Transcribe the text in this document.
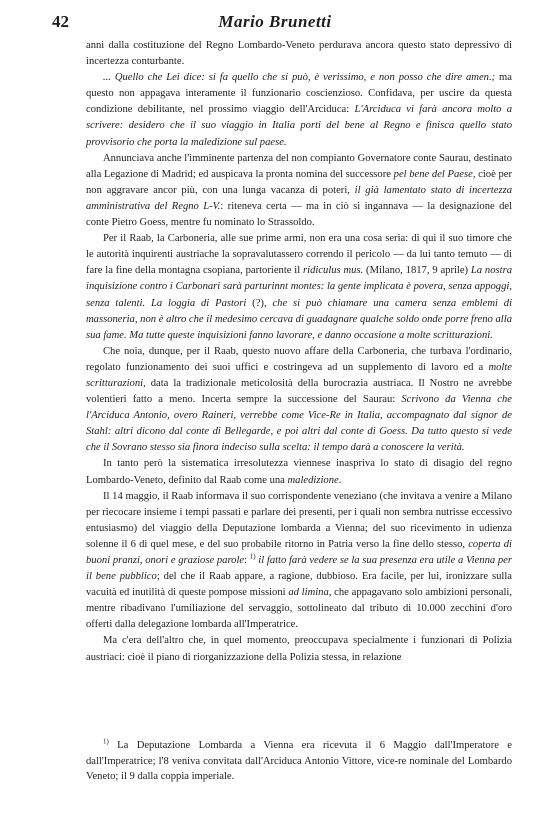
42	Mario Brunetti

anni dalla costituzione del Regno Lombardo-Veneto perdurava ancora questo stato depressivo di incertezza conturbante.

... Quello che Lei dice: si fa quello che si può, è verissimo, e non posso che dire amen.; ma questo non appagava interamente il funzionario coscienzioso. Confidava, per uscire da questa condizione debilitante, nel prossimo viaggio dell'Arciduca: L'Arciduca vi farà ancora molto a scrivere: desidero che il suo viaggio in Italia porti del bene al Regno e finisca quello stato provvisorio che porta la maledizione sul paese.

Annunciava anche l'imminente partenza del non compianto Governatore conte Saurau, destinato alla Legazione di Madrid; ed auspicava la pronta nomina del successore pel bene del Paese, cioè per non aggravare ancor più, con una lunga vacanza di poteri, il già lamentato stato di incertezza amministrativa del Regno L-V.: riteneva certa — ma in ciò si ingannava — la designazione del conte Pietro Goess, mentre fu nominato lo Strassoldo.

Per il Raab, la Carboneria, alle sue prime armi, non era una cosa seria: di qui il suo timore che le autorità inquirenti austriache la sopravalutassero correndo il pericolo — da lui tanto temuto — di fare la fine della montagna csopiana, partoriente il ridiculus mus. (Milano, 1817, 9 aprile) La nostra inquisizione contro i Carbonari sarà parturinnt montes: la gente implicata è povera, senza appoggi, senza talenti. La loggia di Pastori (?), che si può chiamare una camera senza emblemi di massoneria, non è altro che il medesimo cercava di guadagnare qualche soldo onde porre freno alla sua fame. Ma tutte queste inquisizioni fanno lavorare, e danno occasione a molte scritturazioni.

Che noia, dunque, per il Raab, questo nuovo affare della Carboneria, che turbava l'ordinario, regolato funzionamento dei suoi uffici e costringeva ad un supplemento di lavoro ed a molte scritturazioni, data la tradizionale meticolosità della burocrazia austriaca. Il Nostro ne avrebbe volentieri fatto a meno. Incerta sempre la successione del Saurau: Scrivono da Vienna che l'Arciduca Antonio, overo Raineri, verrebbe come Vice-Re in Italia, accompagnato dal signor de Stahl: altri dicono dal conte di Bellegarde, e poi altri dal conte di Goess. Da tutto questo si vede che il Sovrano stesso sia finora indeciso sulla scelta: il tempo darà a conoscere la verità.

In tanto però la sistematica irresolutezza viennese inaspriva lo stato di disagio del regno Lombardo-Veneto, definito dal Raab come una maledizione.

Il 14 maggio, il Raab informava il suo corrispondente veneziano (che invitava a venire a Milano per riecocare insieme i tempi passati e parlare dei presenti, per i quali non sembra nutrisse eccessivo entusiasmo) del viaggio della Deputazione lombarda a Vienna; del suo ricevimento in udienza solenne il 6 di quel mese, e del suo probabile ritorno in Patria verso la fine dello stesso, coperta di buoni pranzi, onori e graziose parole: $^{1)}$ il fatto farà vedere se la sua presenza era utile a Vienna per il bene pubblico; del che il Raab appare, a ragione, dubbioso. Era facile, per lui, ironizzare sulla vacuità ed inutilità di queste pompose missioni ad limina, che appagavano solo ambizioni personali, mentre ribadivano l'umiliazione del servaggio, sottolineato dal tributo di 10.000 zecchini d'oro offerti dalla delegazione lombarda all'Imperatrice.

Ma c'era dell'altro che, in quel momento, preoccupava specialmente i funzionari di Polizia austriaci: cioè il piano di riorganizzazione della Polizia stessa, in relazione

$^{1)}$ La Deputazione Lombarda a Vienna era ricevuta il 6 Maggio dall'Imperatore e dall'Imperatrice; l'8 veniva convitata dall'Arciduca Antonio Vittore, vice-re nominale del Lombardo Veneto; il 9 dalla coppia imperiale.
